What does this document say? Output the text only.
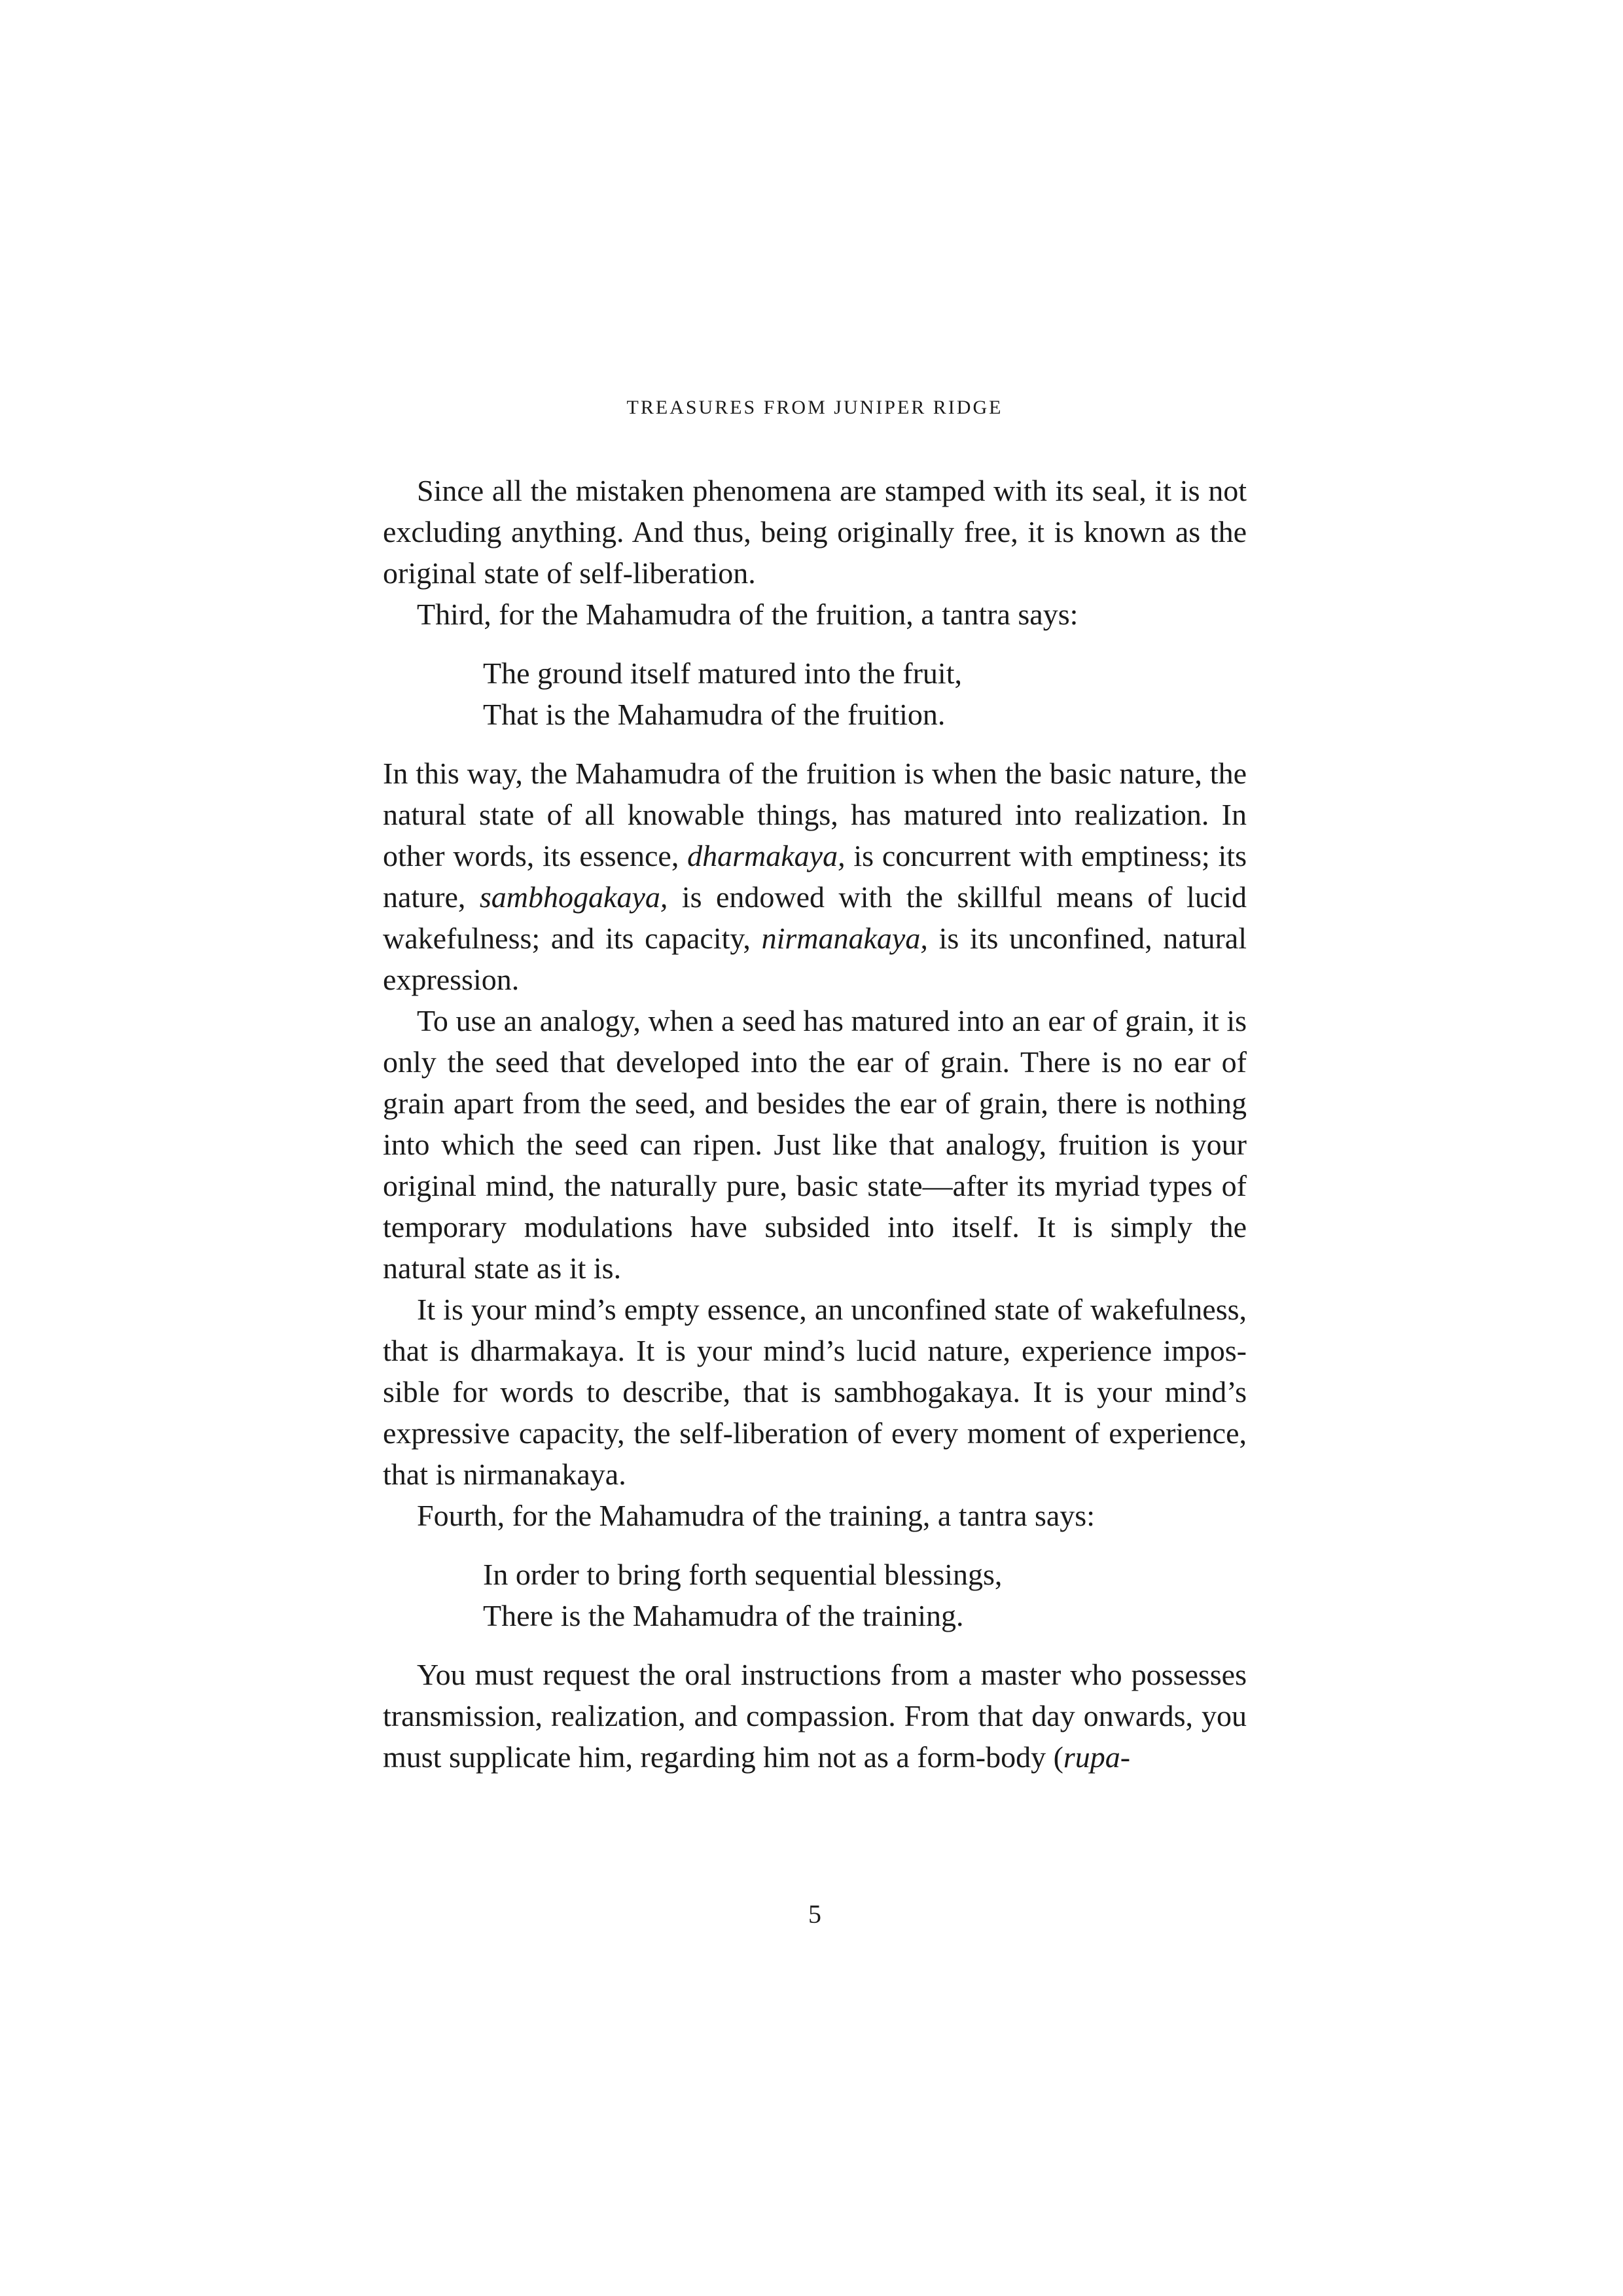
TREASURES FROM JUNIPER RIDGE

Since all the mistaken phenomena are stamped with its seal, it is not excluding anything. And thus, being originally free, it is known as the original state of self-liberation.

Third, for the Mahamudra of the fruition, a tantra says:

The ground itself matured into the fruit,
That is the Mahamudra of the fruition.

In this way, the Mahamudra of the fruition is when the basic nature, the natural state of all knowable things, has matured into realization. In other words, its essence, dharmakaya, is concurrent with emptiness; its nature, sambhogakaya, is endowed with the skillful means of lucid wakefulness; and its capacity, nirmanakaya, is its unconfined, natural expression.

To use an analogy, when a seed has matured into an ear of grain, it is only the seed that developed into the ear of grain. There is no ear of grain apart from the seed, and besides the ear of grain, there is nothing into which the seed can ripen. Just like that analogy, fruition is your original mind, the naturally pure, basic state—after its myriad types of temporary modulations have subsided into itself. It is simply the natural state as it is.

It is your mind’s empty essence, an unconfined state of wakefulness, that is dharmakaya. It is your mind’s lucid nature, experience impossible for words to describe, that is sambhogakaya. It is your mind’s expressive capacity, the self-liberation of every moment of experience, that is nirmanakaya.

Fourth, for the Mahamudra of the training, a tantra says:

In order to bring forth sequential blessings,
There is the Mahamudra of the training.

You must request the oral instructions from a master who possesses transmission, realization, and compassion. From that day onwards, you must supplicate him, regarding him not as a form-body (rupa-

5
